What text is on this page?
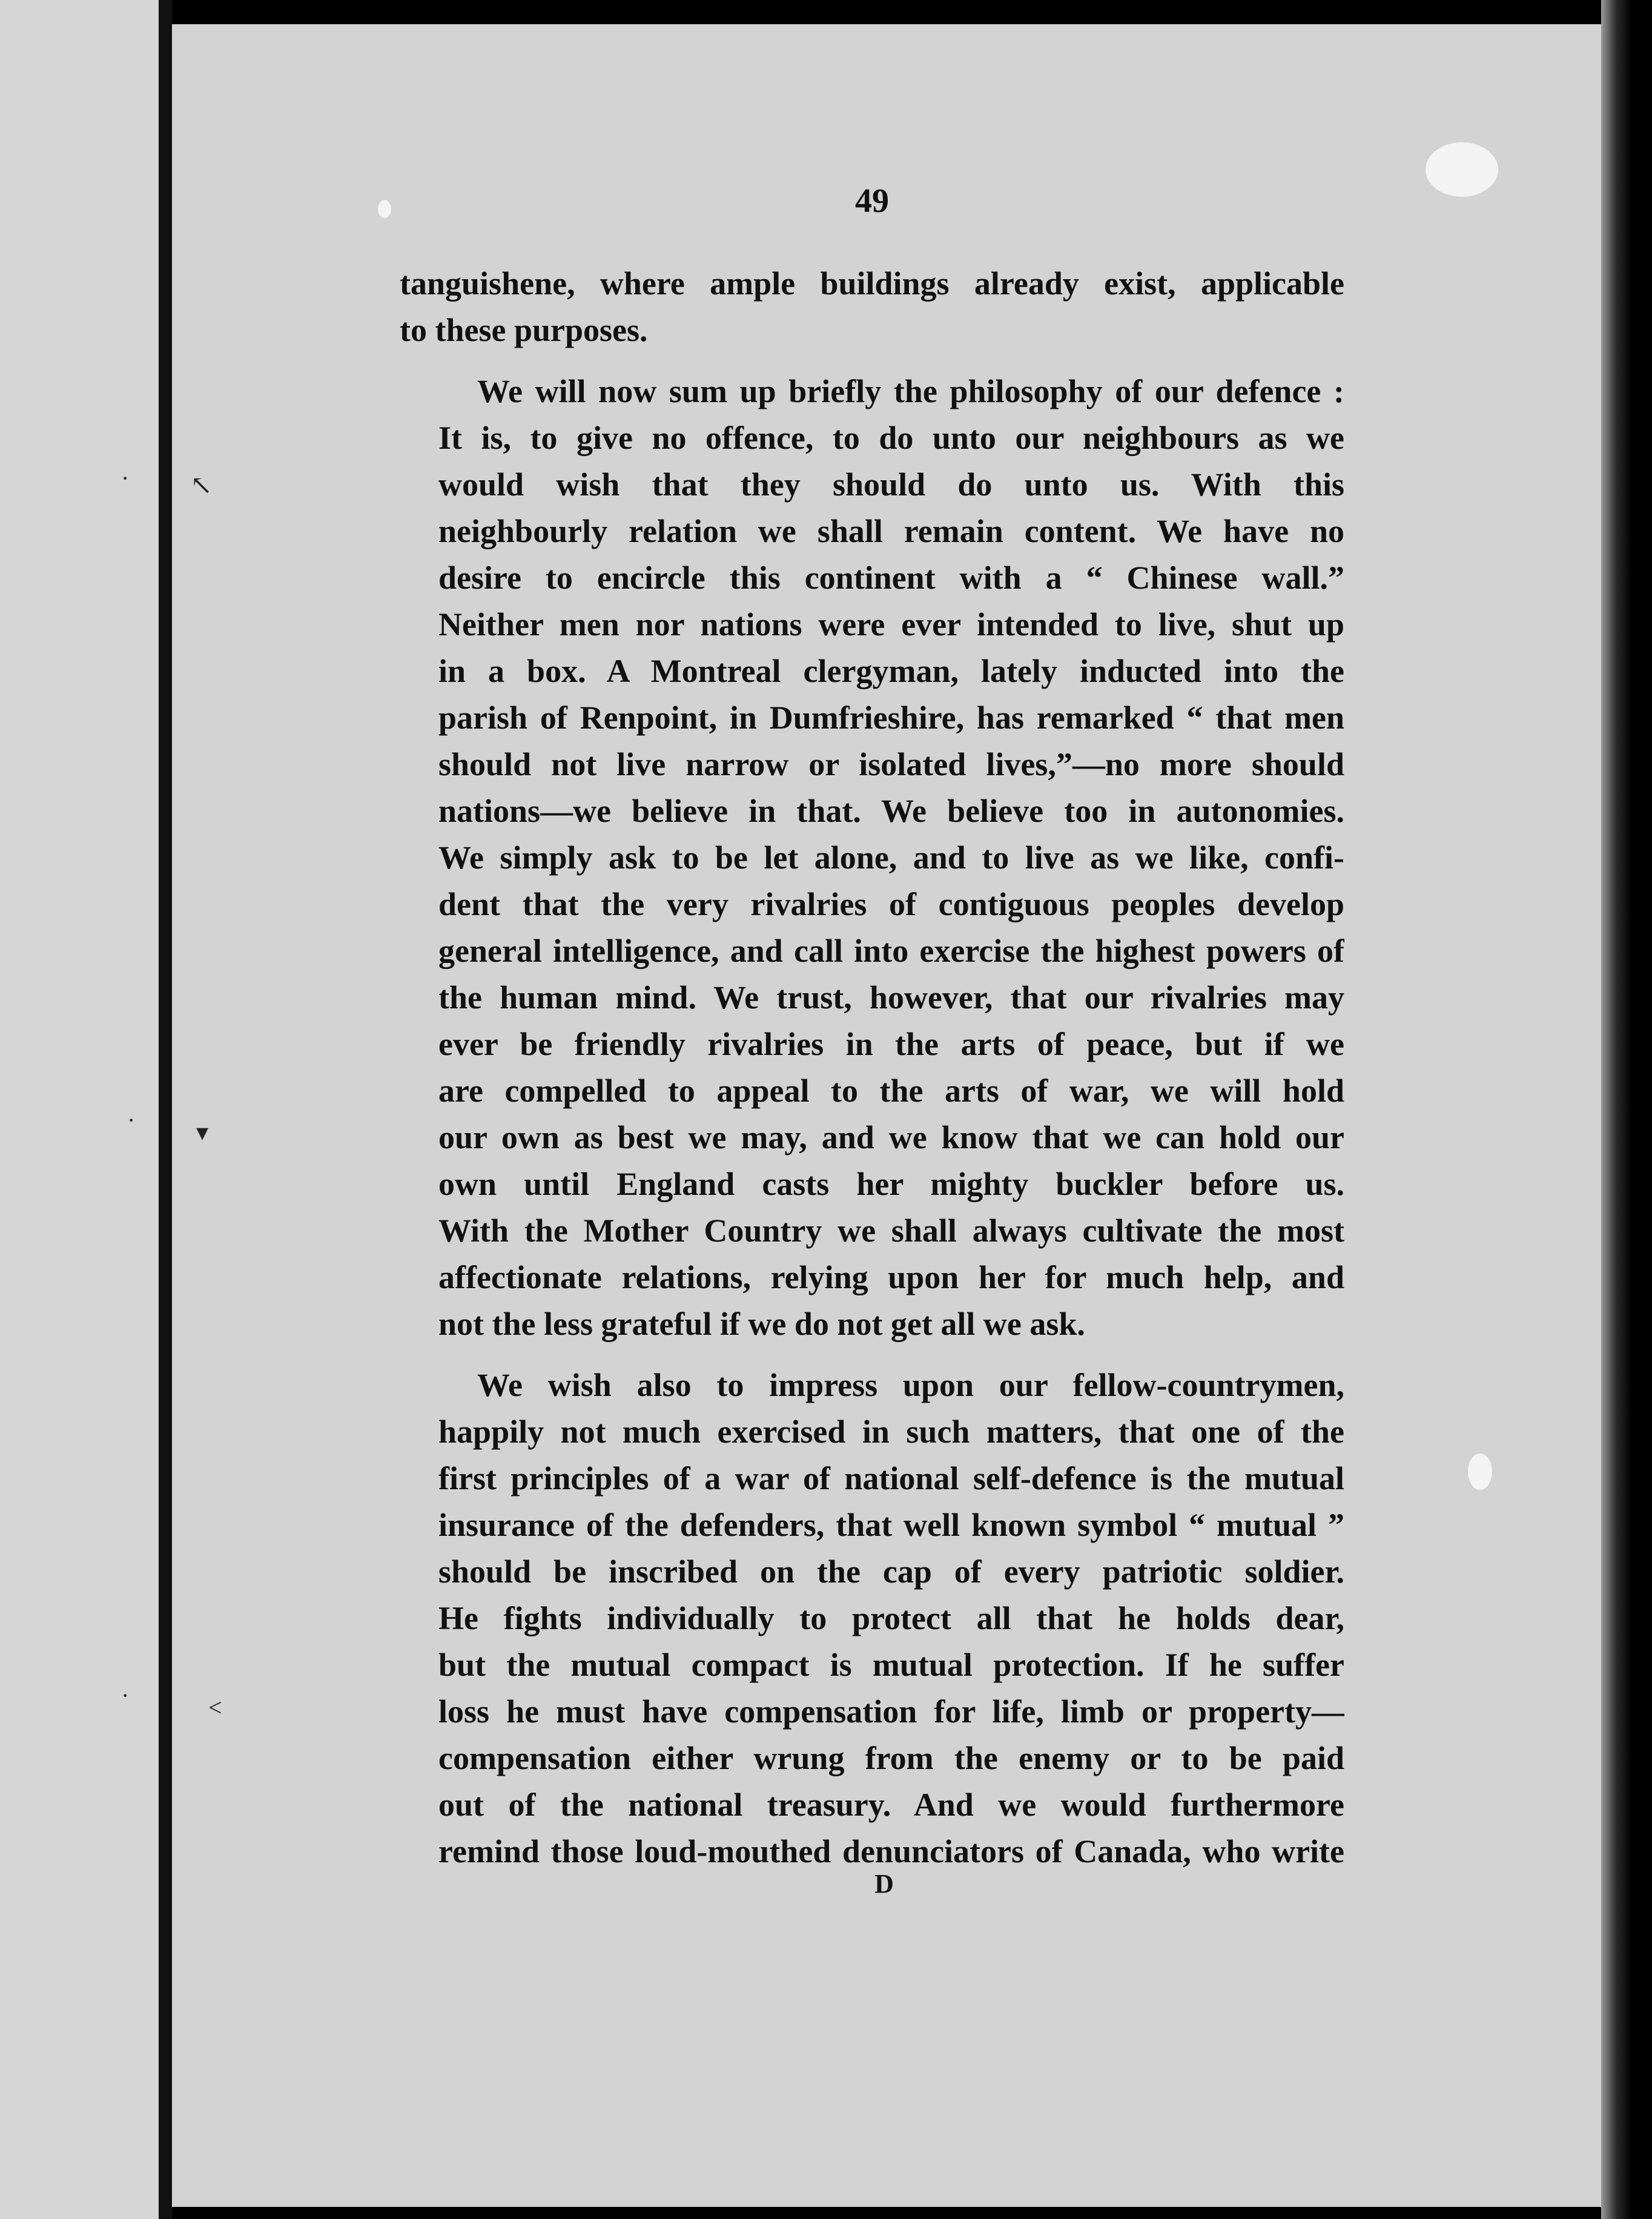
·
·
·
↖
▾
˂

49

tanguishene, where ample buildings already exist, applicable
to these purposes.

We will now sum up briefly the philosophy of our defence :
It is, to give no offence, to do unto our neighbours as we
would wish that they should do unto us. With this
neighbourly relation we shall remain content. We have no
desire to encircle this continent with a “ Chinese wall.”
Neither men nor nations were ever intended to live, shut up
in a box. A Montreal clergyman, lately inducted into the
parish of Renpoint, in Dumfrieshire, has remarked “ that men
should not live narrow or isolated lives,”—no more should
nations—we believe in that. We believe too in autonomies.
We simply ask to be let alone, and to live as we like, confi-
dent that the very rivalries of contiguous peoples develop
general intelligence, and call into exercise the highest powers of
the human mind. We trust, however, that our rivalries may
ever be friendly rivalries in the arts of peace, but if we
are compelled to appeal to the arts of war, we will hold
our own as best we may, and we know that we can hold our
own until England casts her mighty buckler before us.
With the Mother Country we shall always cultivate the most
affectionate relations, relying upon her for much help, and
not the less grateful if we do not get all we ask.

We wish also to impress upon our fellow-countrymen,
happily not much exercised in such matters, that one of the
first principles of a war of national self-defence is the mutual
insurance of the defenders, that well known symbol “ mutual ”
should be inscribed on the cap of every patriotic soldier.
He fights individually to protect all that he holds dear,
but the mutual compact is mutual protection. If he suffer
loss he must have compensation for life, limb or property—
compensation either wrung from the enemy or to be paid
out of the national treasury. And we would furthermore
remind those loud-mouthed denunciators of Canada, who write

D
